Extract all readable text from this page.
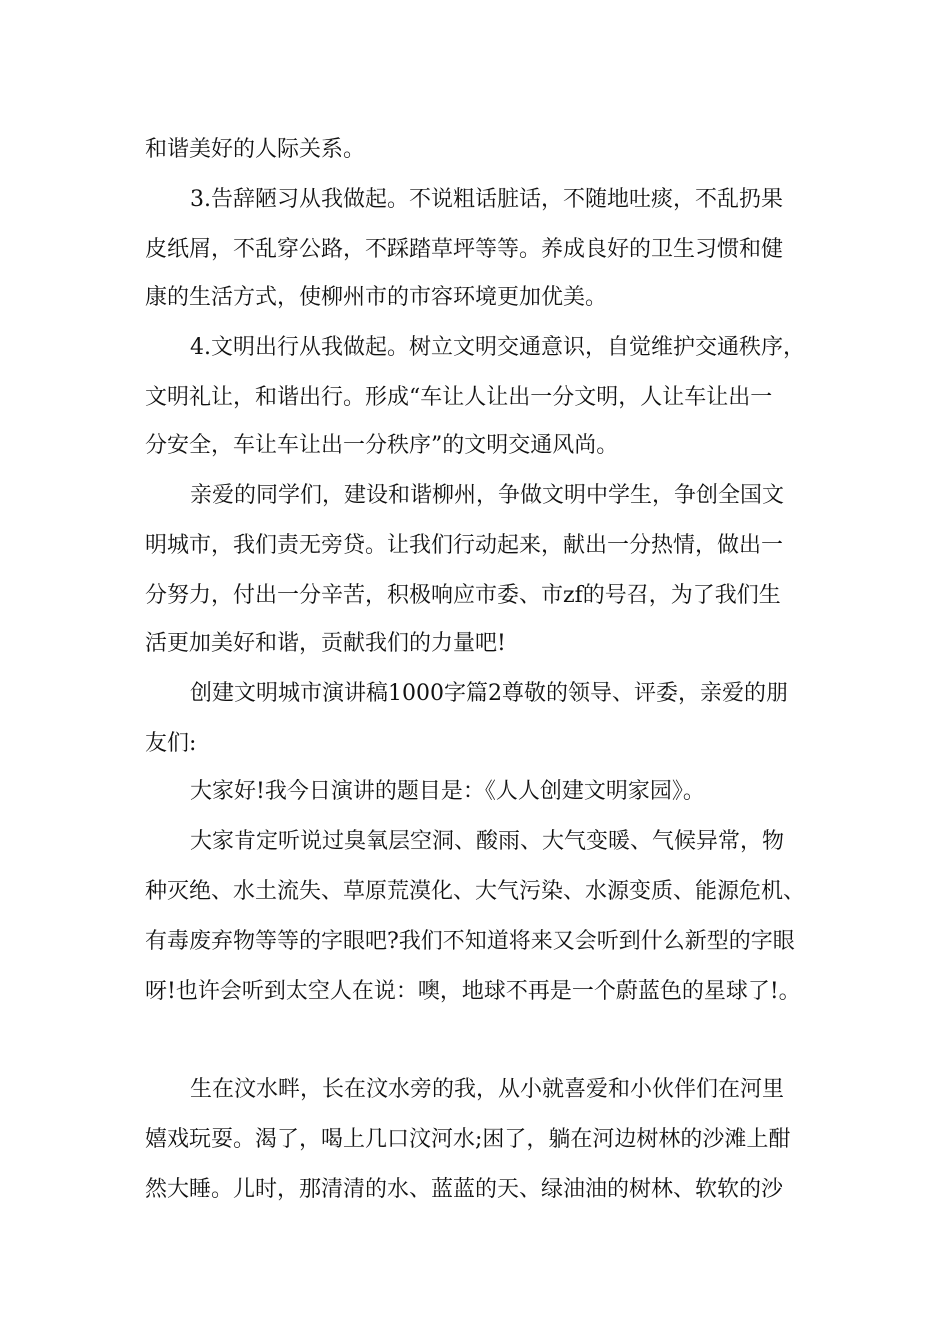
和谐美好的人际关系。
3.告辞陋习从我做起。不说粗话脏话，不随地吐痰，不乱扔果
皮纸屑，不乱穿公路，不踩踏草坪等等。养成良好的卫生习惯和健
康的生活方式，使柳州市的市容环境更加优美。
4.文明出行从我做起。树立文明交通意识，自觉维护交通秩序，
文明礼让，和谐出行。形成“车让人让出一分文明，人让车让出一
分安全，车让车让出一分秩序”的文明交通风尚。
亲爱的同学们，建设和谐柳州，争做文明中学生，争创全国文
明城市，我们责无旁贷。让我们行动起来，献出一分热情，做出一
分努力，付出一分辛苦，积极响应市委、市zf的号召，为了我们生
活更加美好和谐，贡献我们的力量吧!
创建文明城市演讲稿1000字篇2尊敬的领导、评委，亲爱的朋
友们:
大家好!我今日演讲的题目是：《人人创建文明家园》。
大家肯定听说过臭氧层空洞、酸雨、大气变暖、气候异常，物
种灭绝、水土流失、草原荒漠化、大气污染、水源变质、能源危机、
有毒废弃物等等的字眼吧?我们不知道将来又会听到什么新型的字眼
呀!也许会听到太空人在说：噢，地球不再是一个蔚蓝色的星球了!。
生在汶水畔，长在汶水旁的我，从小就喜爱和小伙伴们在河里
嬉戏玩耍。渴了，喝上几口汶河水;困了，躺在河边树林的沙滩上酣
然大睡。儿时，那清清的水、蓝蓝的天、绿油油的树林、软软的沙
